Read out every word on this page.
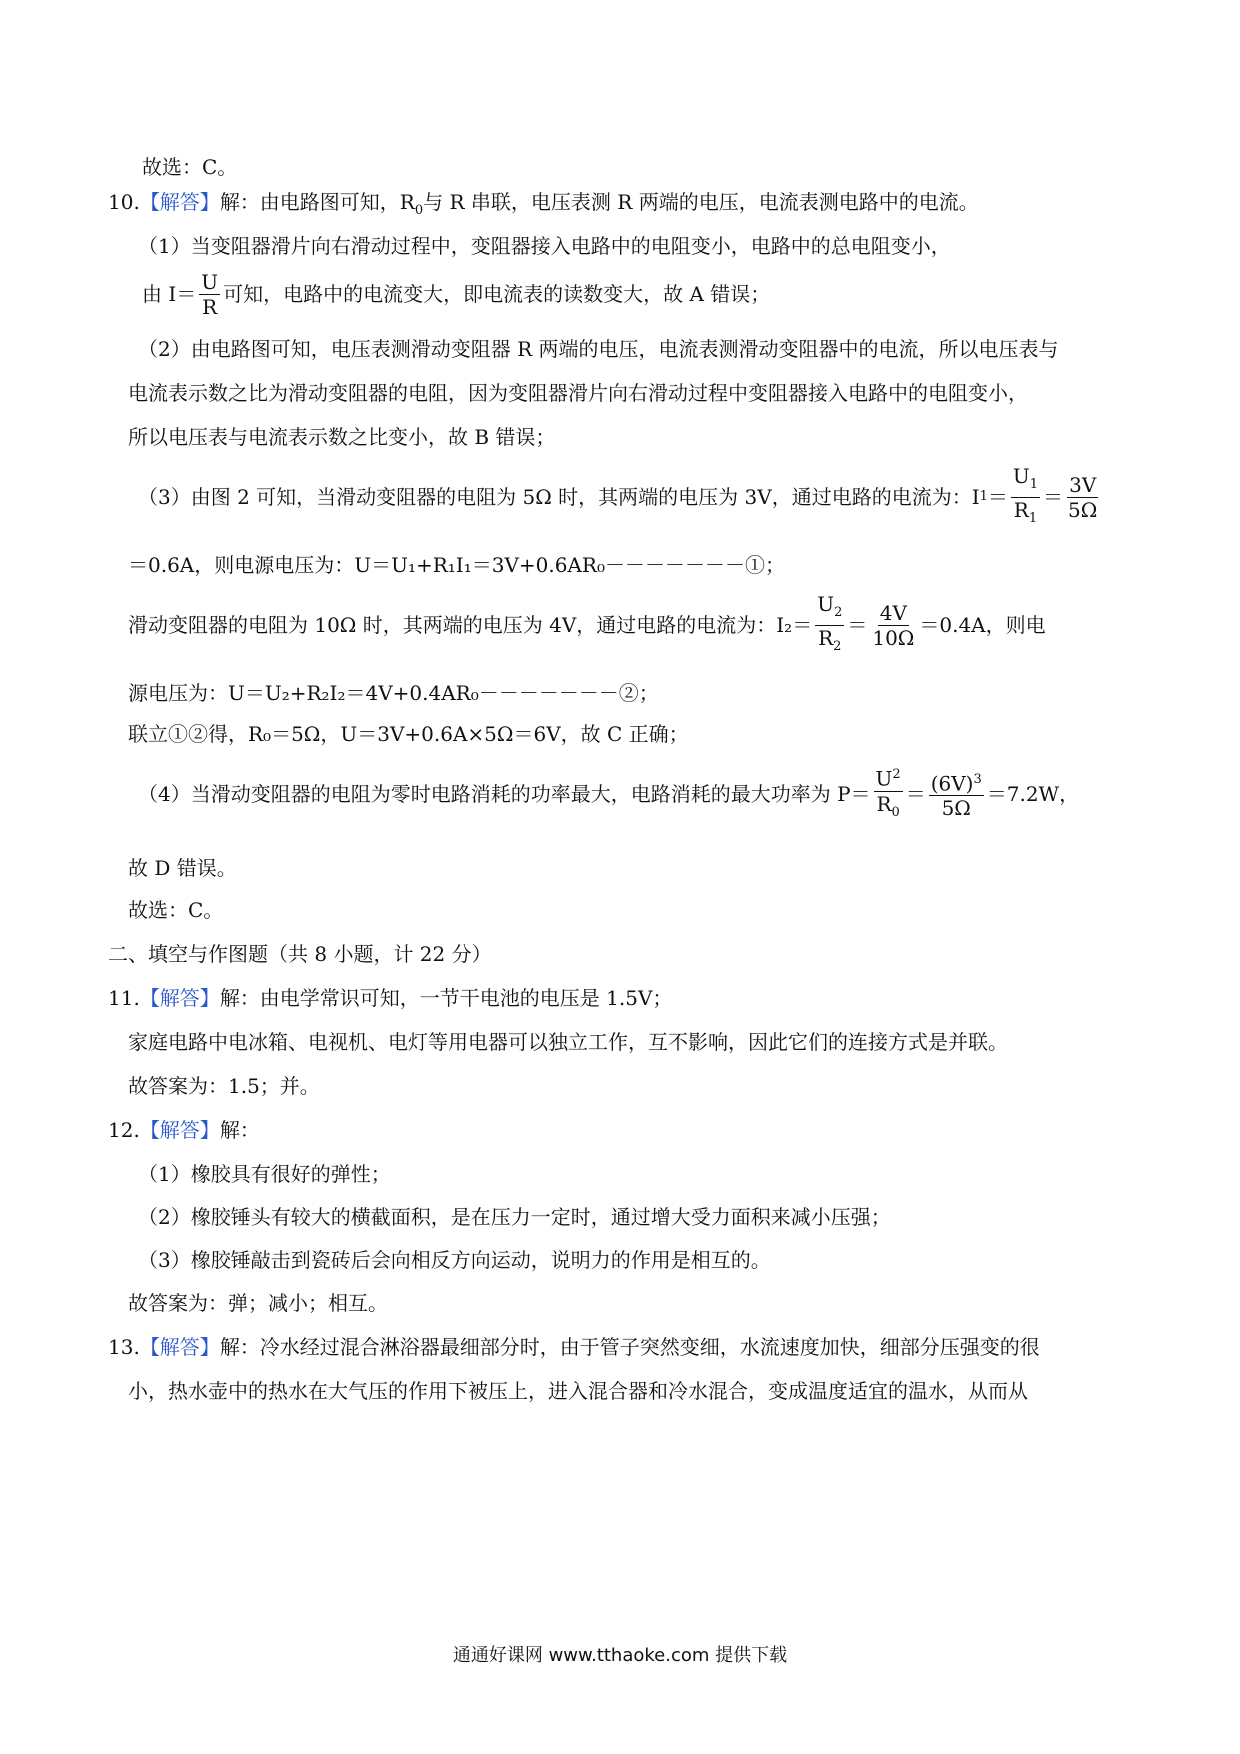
故选：C。
10.【解答】解：由电路图可知，$R_0$与 R 串联，电压表测 R 两端的电压，电流表测电路中的电流。
（1）当变阻器滑片向右滑动过程中，变阻器接入电路中的电阻变小，电路中的总电阻变小，
由 $I= \frac{U}{R}$ 可知，电路中的电流变大，即电流表的读数变大，故 A 错误；
（2）由电路图可知，电压表测滑动变阻器 R 两端的电压，电流表测滑动变阻器中的电流，所以电压表与
电流表示数之比为滑动变阻器的电阻，因为变阻器滑片向右滑动过程中变阻器接入电路中的电阻变小，
所以电压表与电流表示数之比变小，故 B 错误；
（3）由图 2 可知，当滑动变阻器的电阻为 5Ω 时，其两端的电压为 3V，通过电路的电流为：I $1 = \frac{U_1}{R_1} = \frac{3V}{5\Omega}$
＝0.6A，则电源电压为：U＝U₁+R₁I₁＝3V+0.6AR₀－－－－－－－①；
滑动变阻器的电阻为 10Ω 时，其两端的电压为 4V，通过电路的电流为：$I_2= \frac{U_2}{R_2} = \frac{4V}{10\Omega} =0.4A$，则电
源电压为：U＝U₂+R₂I₂＝4V+0.4AR₀－－－－－－－②；
联立①②得，R₀＝5Ω，U＝3V+0.6A×5Ω＝6V，故 C 正确；
（4）当滑动变阻器的电阻为零时电路消耗的功率最大，电路消耗的最大功率为 $P= \frac{U^2}{R_0} = \frac{(6V)^3}{5\Omega} =7.2W$，
故 D 错误。
故选：C。
二、填空与作图题（共 8 小题，计 22 分）
11.【解答】解：由电学常识可知，一节干电池的电压是 1.5V；
家庭电路中电冰箱、电视机、电灯等用电器可以独立工作，互不影响，因此它们的连接方式是并联。
故答案为：1.5；并。
12.【解答】解：
（1）橡胶具有很好的弹性；
（2）橡胶锤头有较大的横截面积，是在压力一定时，通过增大受力面积来减小压强；
（3）橡胶锤敲击到瓷砖后会向相反方向运动，说明力的作用是相互的。
故答案为：弹；减小；相互。
13.【解答】解：冷水经过混合淋浴器最细部分时，由于管子突然变细，水流速度加快，细部分压强变的很
小，热水壶中的热水在大气压的作用下被压上，进入混合器和冷水混合，变成温度适宜的温水，从而从
通通好课网 www.tthaoke.com 提供下载
